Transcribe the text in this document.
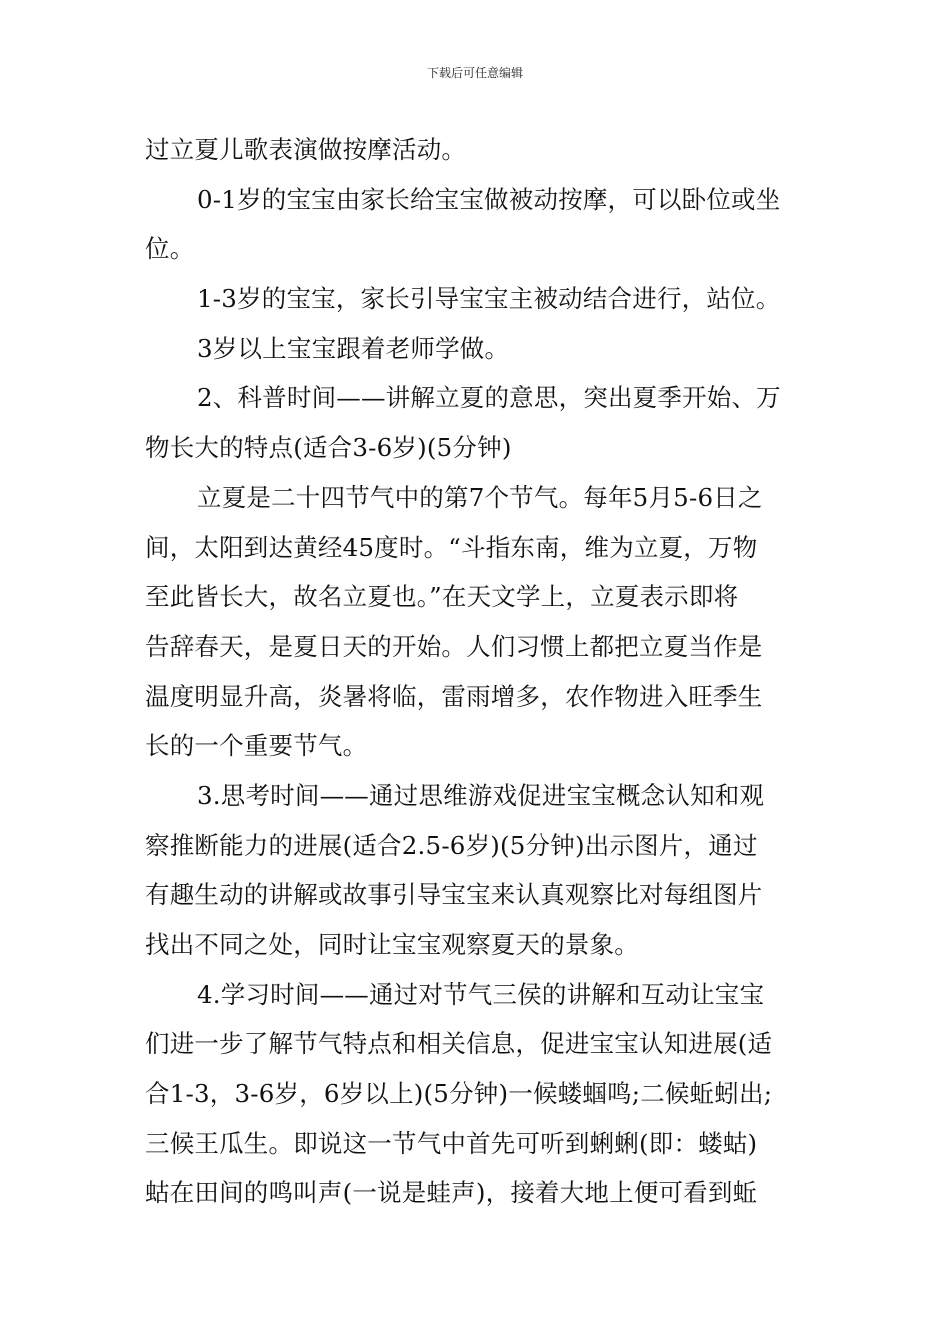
下载后可任意编辑
过立夏儿歌表演做按摩活动。
0-1岁的宝宝由家长给宝宝做被动按摩，可以卧位或坐
位。
1-3岁的宝宝，家长引导宝宝主被动结合进行，站位。
3岁以上宝宝跟着老师学做。
2、科普时间——讲解立夏的意思，突出夏季开始、万
物长大的特点(适合3-6岁)(5分钟)
立夏是二十四节气中的第7个节气。每年5月5-6日之
间，太阳到达黄经45度时。“斗指东南，维为立夏，万物
至此皆长大，故名立夏也。”在天文学上，立夏表示即将
告辞春天，是夏日天的开始。人们习惯上都把立夏当作是
温度明显升高，炎暑将临，雷雨增多，农作物进入旺季生
长的一个重要节气。
3.思考时间——通过思维游戏促进宝宝概念认知和观
察推断能力的进展(适合2.5-6岁)(5分钟)出示图片，通过
有趣生动的讲解或故事引导宝宝来认真观察比对每组图片
找出不同之处，同时让宝宝观察夏天的景象。
4.学习时间——通过对节气三侯的讲解和互动让宝宝
们进一步了解节气特点和相关信息，促进宝宝认知进展(适
合1-3，3-6岁，6岁以上)(5分钟)一候蝼蝈鸣;二候蚯蚓出;
三候王瓜生。即说这一节气中首先可听到蜊蜊(即：蝼蛄)
蛄在田间的鸣叫声(一说是蛙声)，接着大地上便可看到蚯
